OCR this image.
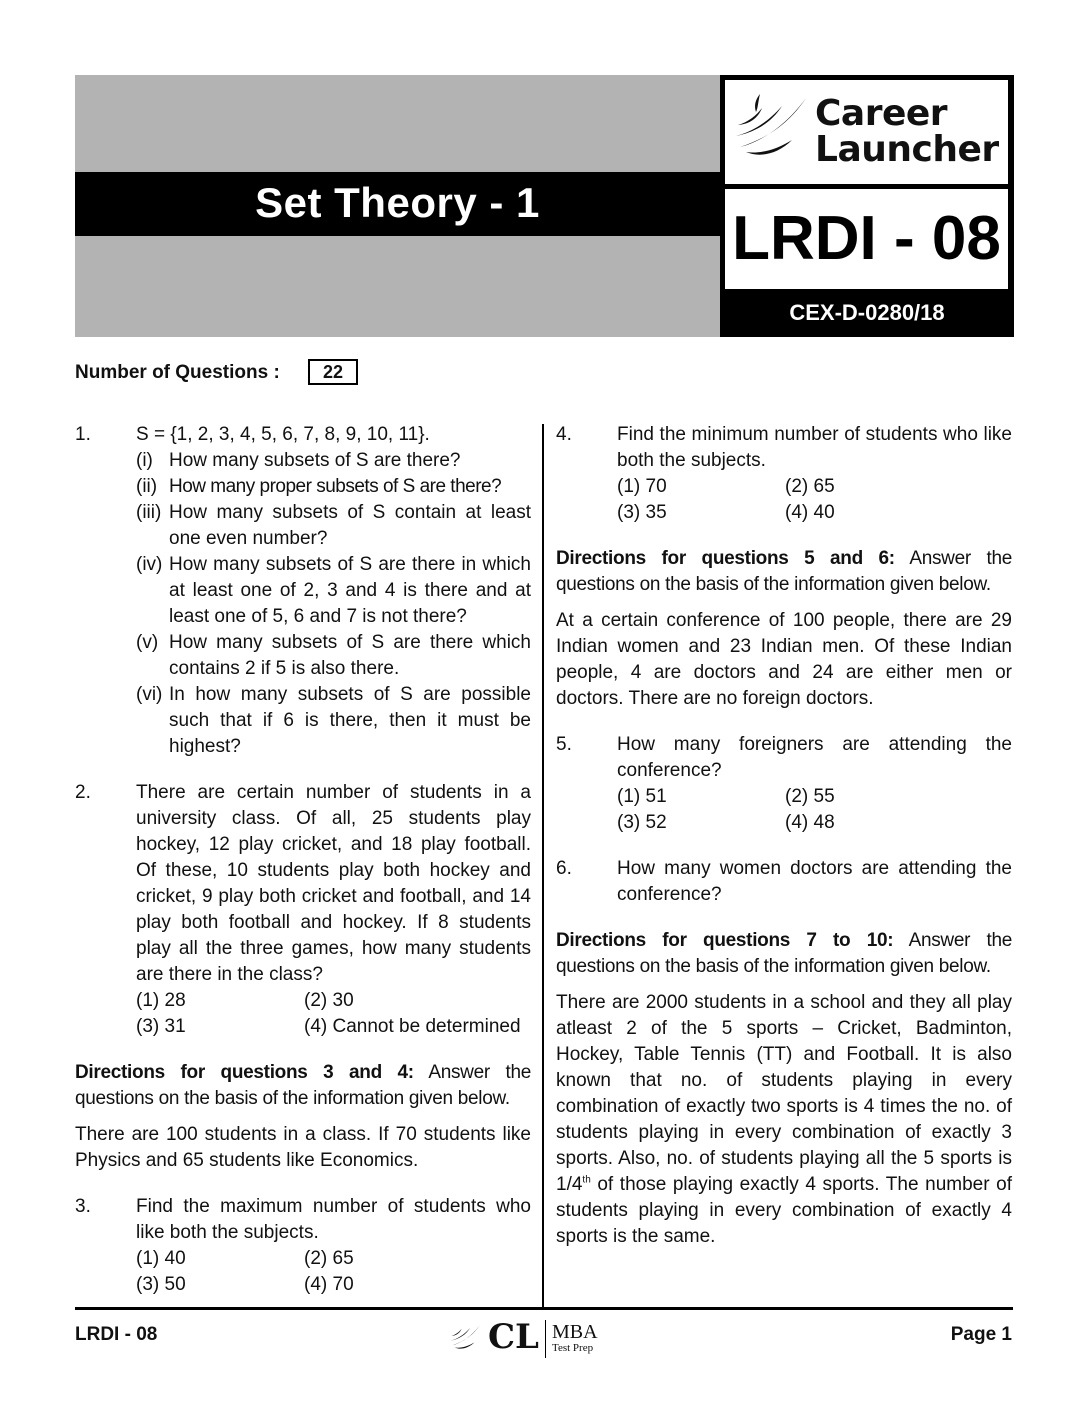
Set Theory - 1
Career
Launcher
LRDI - 08
CEX-D-0280/18
Number of Questions :	22
1.	S = {1, 2, 3, 4, 5, 6, 7, 8, 9, 10, 11}.
(i) How many subsets of S are there?
(ii) How many proper subsets of S are there?
(iii) How many subsets of S contain at least one even number?
(iv) How many subsets of S are there in which at least one of 2, 3 and 4 is there and at least one of 5, 6 and 7 is not there?
(v) How many subsets of S are there which contains 2 if 5 is also there.
(vi) In how many subsets of S are possible such that if 6 is there, then it must be highest?
2.	There are certain number of students in a university class. Of all, 25 students play hockey, 12 play cricket, and 18 play football. Of these, 10 students play both hockey and cricket, 9 play both cricket and football, and 14 play both football and hockey. If 8 students play all the three games, how many students are there in the class?
(1) 28	(2) 30
(3) 31	(4) Cannot be determined
Directions for questions 3 and 4: Answer the questions on the basis of the information given below.
There are 100 students in a class. If 70 students like Physics and 65 students like Economics.
3.	Find the maximum number of students who like both the subjects.
(1) 40	(2) 65
(3) 50	(4) 70
4.	Find the minimum number of students who like both the subjects.
(1) 70	(2) 65
(3) 35	(4) 40
Directions for questions 5 and 6: Answer the questions on the basis of the information given below.
At a certain conference of 100 people, there are 29 Indian women and 23 Indian men. Of these Indian people, 4 are doctors and 24 are either men or doctors. There are no foreign doctors.
5.	How many foreigners are attending the conference?
(1) 51	(2) 55
(3) 52	(4) 48
6.	How many women doctors are attending the conference?
Directions for questions 7 to 10: Answer the questions on the basis of the information given below.
There are 2000 students in a school and they all play atleast 2 of the 5 sports – Cricket, Badminton, Hockey, Table Tennis (TT) and Football. It is also known that no. of students playing in every combination of exactly two sports is 4 times the no. of students playing in every combination of exactly 3 sports. Also, no. of students playing all the 5 sports is 1/4th of those playing exactly 4 sports. The number of students playing in every combination of exactly 4 sports is the same.
LRDI - 08	CL MBA
Test Prep
Page 1
